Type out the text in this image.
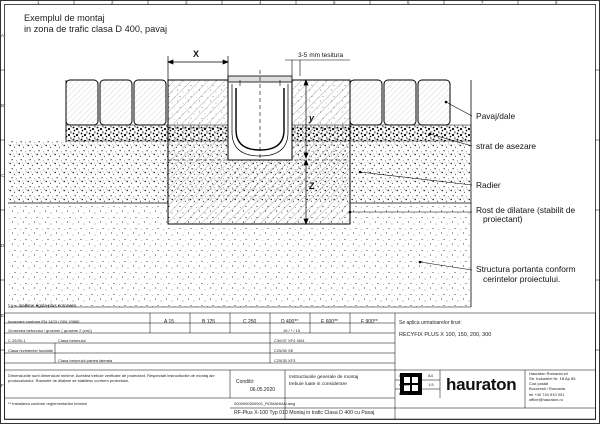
1	2	3	4	5	6	7	8
A
B
C
D
E
F
Exemplul de montaj
in zona de trafic clasa D 400, pavaj
X
y
Z
3-5 mm tesitura
Pavaj/dale
strat de asezare
Radier
Rost de dilatare (stabilit de
proiectant)
Structura portanta conform
cerintelor proiectului.
* y = inaltime rigola plus coronare
Incarcare conform EN 1433 / DIN 19580	A 15	B 125	C 250	D 400**	E 600**	F 900**
Grosimea betonului / grosime ( grosime 2 (cm))	15 / * / 15
C 25/30-1	Clasa betonului	C30/37 XF4 XM1
Clasa rezistentei fundatie	C25/30 XE
Clasa betonului partea laterala	C25/30 XF3
Dimensiunile sunt dimensiuni minime. Acestea trebuie verificate de proiectant. Respectati instructiunile de montaj ale producatorului. Rosturile de dilatare se stabilesc conform proiectului.
** Instalarea conform reglementarilor tehnice
Conditii:
06.05.2020
0000000000001_ROMANIAN.dwg
Instructiunile generale de montaj
trebuie luate in considerare
Se aplica urmatoarelor tiruri:
RECYFIX PLUS X 100, 150, 200, 300
DIN	A4
scara	1:5
Editie hauraton
Hauraton Romania srl
Str. Industriei Nr. 18 Ap 85
Cod postal
Bucuresti / Romania
tel +40 744 910 001
office@hauraton.ro
RF-Plus X-100 Typ 010 Montaj in trafic Clasa D 400 cu Pavaj
